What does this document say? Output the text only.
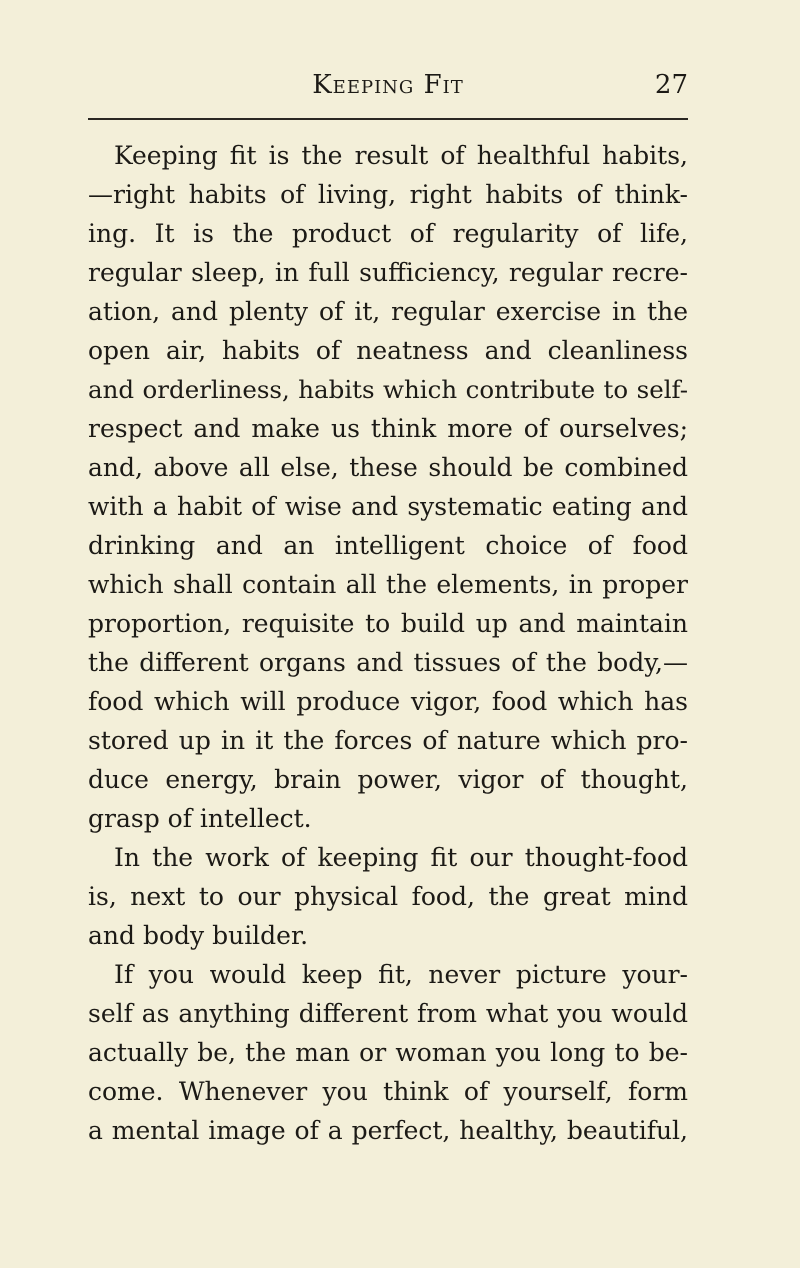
Keeping Fit	27
Keeping fit is the result of healthful habits,
—right habits of living, right habits of think-
ing. It is the product of regularity of life,
regular sleep, in full sufficiency, regular recre-
ation, and plenty of it, regular exercise in the
open air, habits of neatness and cleanliness
and orderliness, habits which contribute to self-
respect and make us think more of ourselves;
and, above all else, these should be combined
with a habit of wise and systematic eating and
drinking and an intelligent choice of food
which shall contain all the elements, in proper
proportion, requisite to build up and maintain
the different organs and tissues of the body,—
food which will produce vigor, food which has
stored up in it the forces of nature which pro-
duce energy, brain power, vigor of thought,
grasp of intellect.
In the work of keeping fit our thought-food
is, next to our physical food, the great mind
and body builder.
If you would keep fit, never picture your-
self as anything different from what you would
actually be, the man or woman you long to be-
come. Whenever you think of yourself, form
a mental image of a perfect, healthy, beautiful,
